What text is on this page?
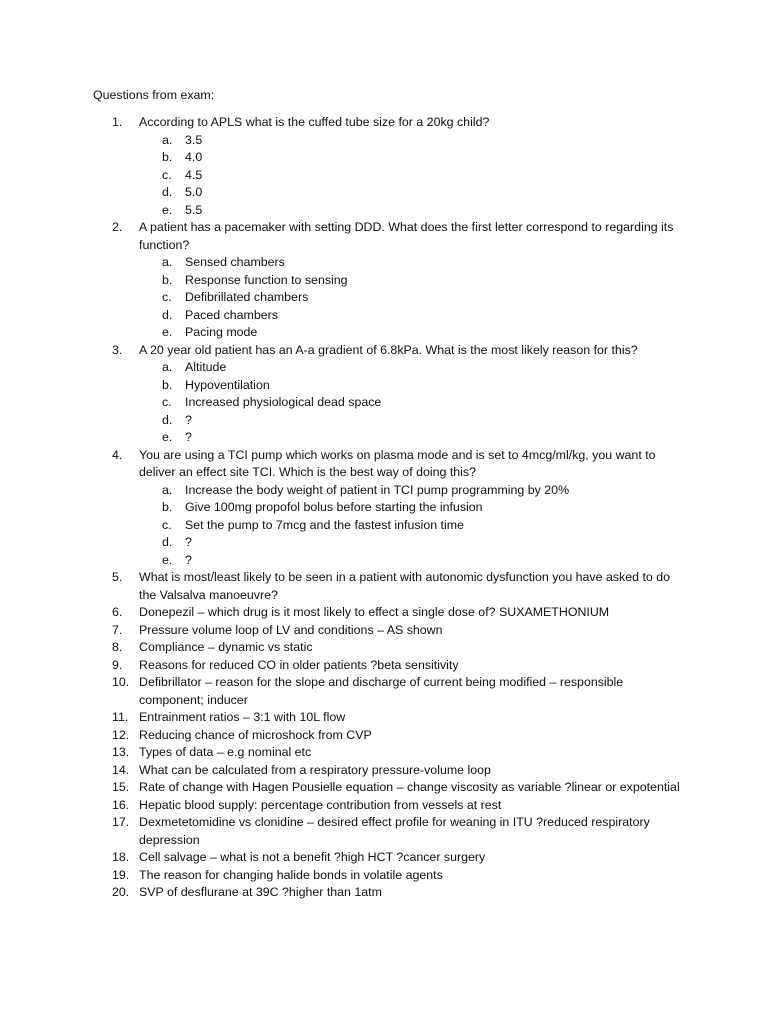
Questions from exam:
1.	According to APLS what is the cuffed tube size for a 20kg child?
a. 3.5
b. 4.0
c. 4.5
d. 5.0
e. 5.5
2.	A patient has a pacemaker with setting DDD. What does the first letter correspond to regarding its function?
a. Sensed chambers
b. Response function to sensing
c. Defibrillated chambers
d. Paced chambers
e. Pacing mode
3.	A 20 year old patient has an A-a gradient of 6.8kPa. What is the most likely reason for this?
a. Altitude
b. Hypoventilation
c. Increased physiological dead space
d. ?
e. ?
4.	You are using a TCI pump which works on plasma mode and is set to 4mcg/ml/kg, you want to deliver an effect site TCI. Which is the best way of doing this?
a. Increase the body weight of patient in TCI pump programming by 20%
b. Give 100mg propofol bolus before starting the infusion
c. Set the pump to 7mcg and the fastest infusion time
d. ?
e. ?
5.	What is most/least likely to be seen in a patient with autonomic dysfunction you have asked to do the Valsalva manoeuvre?
6.	Donepezil – which drug is it most likely to effect a single dose of? SUXAMETHONIUM
7.	Pressure volume loop of LV and conditions – AS shown
8.	Compliance – dynamic vs static
9.	Reasons for reduced CO in older patients ?beta sensitivity
10. Defibrillator – reason for the slope and discharge of current being modified – responsible component; inducer
11. Entrainment ratios – 3:1 with 10L flow
12. Reducing chance of microshock from CVP
13. Types of data – e.g nominal etc
14. What can be calculated from a respiratory pressure-volume loop
15. Rate of change with Hagen Pousielle equation – change viscosity as variable ?linear or expotential
16. Hepatic blood supply: percentage contribution from vessels at rest
17. Dexmetetomidine vs clonidine – desired effect profile for weaning in ITU ?reduced respiratory depression
18. Cell salvage – what is not a benefit ?high HCT ?cancer surgery
19. The reason for changing halide bonds in volatile agents
20. SVP of desflurane at 39C ?higher than 1atm
